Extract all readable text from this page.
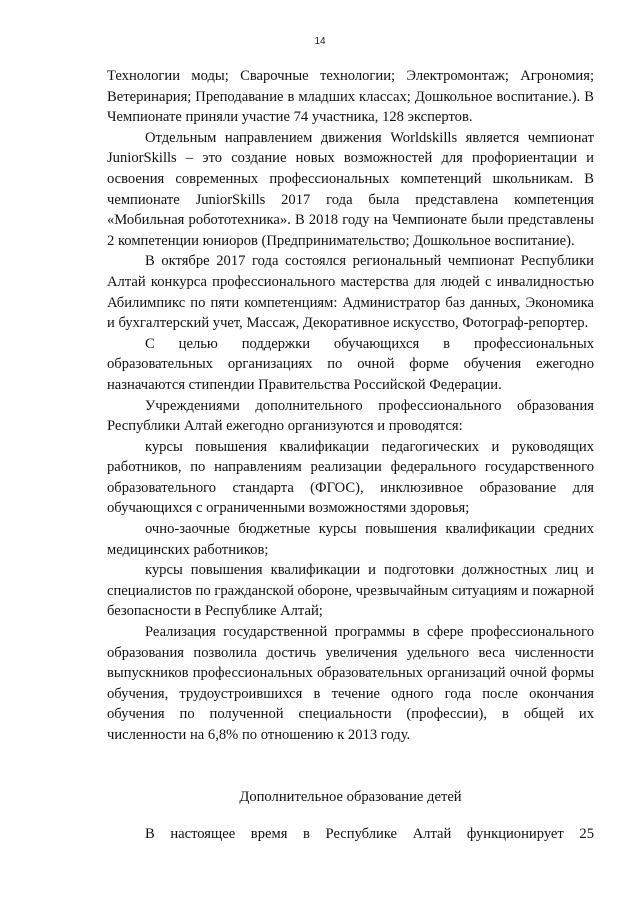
14

Технологии моды; Сварочные технологии; Электромонтаж; Агрономия; Ветеринария; Преподавание в младших классах; Дошкольное воспитание.). В Чемпионате приняли участие 74 участника, 128 экспертов.

Отдельным направлением движения Worldskills является чемпионат JuniorSkills – это создание новых возможностей для профориентации и освоения современных профессиональных компетенций школьникам. В чемпионате JuniorSkills 2017 года была представлена компетенция «Мобильная робототехника». В 2018 году на Чемпионате были представлены 2 компетенции юниоров (Предпринимательство; Дошкольное воспитание).

В октябре 2017 года состоялся региональный чемпионат Республики Алтай конкурса профессионального мастерства для людей с инвалидностью Абилимпикс по пяти компетенциям: Администратор баз данных, Экономика и бухгалтерский учет, Массаж, Декоративное искусство, Фотограф-репортер.

С целью поддержки обучающихся в профессиональных образовательных организациях по очной форме обучения ежегодно назначаются стипендии Правительства Российской Федерации.

Учреждениями дополнительного профессионального образования Республики Алтай ежегодно организуются и проводятся:

курсы повышения квалификации педагогических и руководящих работников, по направлениям реализации федерального государственного образовательного стандарта (ФГОС), инклюзивное образование для обучающихся с ограниченными возможностями здоровья;

очно-заочные бюджетные курсы повышения квалификации средних медицинских работников;

курсы повышения квалификации и подготовки должностных лиц и специалистов по гражданской обороне, чрезвычайным ситуациям и пожарной безопасности в Республике Алтай;

Реализация государственной программы в сфере профессионального образования позволила достичь увеличения удельного веса численности выпускников профессиональных образовательных организаций очной формы обучения, трудоустроившихся в течение одного года после окончания обучения по полученной специальности (профессии), в общей их численности на 6,8% по отношению к 2013 году.

Дополнительное образование детей
В настоящее время в Республике Алтай функционирует 25
